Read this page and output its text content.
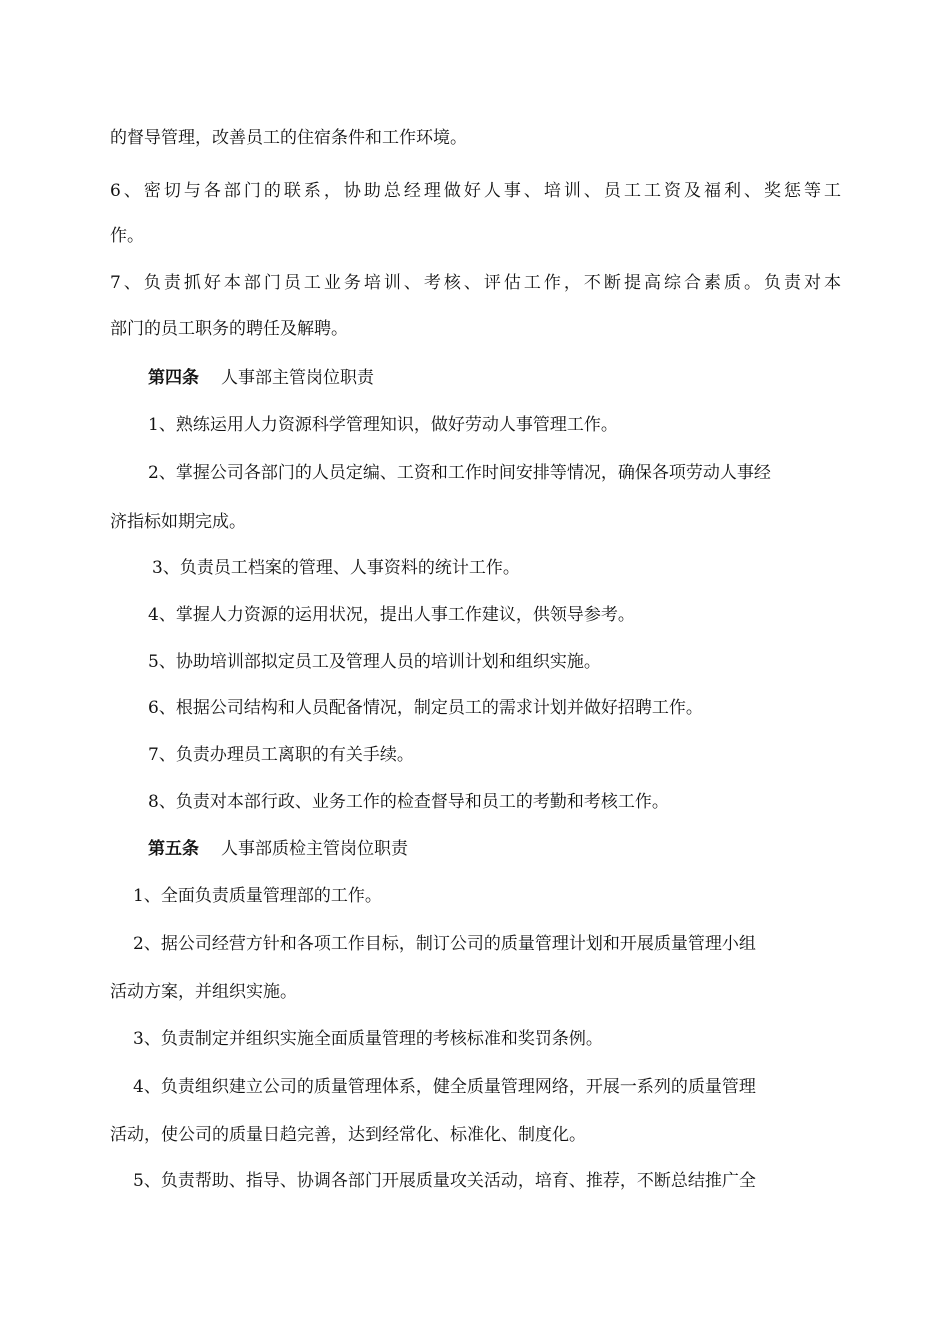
的督导管理，改善员工的住宿条件和工作环境。

6、密切与各部门的联系，协助总经理做好人事、培训、员工工资及福利、奖惩等工

作。

7、负责抓好本部门员工业务培训、考核、评估工作，不断提高综合素质。负责对本

部门的员工职务的聘任及解聘。

第四条 人事部主管岗位职责

1、熟练运用人力资源科学管理知识，做好劳动人事管理工作。

2、掌握公司各部门的人员定编、工资和工作时间安排等情况，确保各项劳动人事经

济指标如期完成。

3、负责员工档案的管理、人事资料的统计工作。

4、掌握人力资源的运用状况，提出人事工作建议，供领导参考。

5、协助培训部拟定员工及管理人员的培训计划和组织实施。

6、根据公司结构和人员配备情况，制定员工的需求计划并做好招聘工作。

7、负责办理员工离职的有关手续。

8、负责对本部行政、业务工作的检查督导和员工的考勤和考核工作。

第五条 人事部质检主管岗位职责

1、全面负责质量管理部的工作。

2、据公司经营方针和各项工作目标，制订公司的质量管理计划和开展质量管理小组

活动方案，并组织实施。

3、负责制定并组织实施全面质量管理的考核标准和奖罚条例。

4、负责组织建立公司的质量管理体系，健全质量管理网络，开展一系列的质量管理

活动，使公司的质量日趋完善，达到经常化、标准化、制度化。

5、负责帮助、指导、协调各部门开展质量攻关活动，培育、推荐，不断总结推广全
